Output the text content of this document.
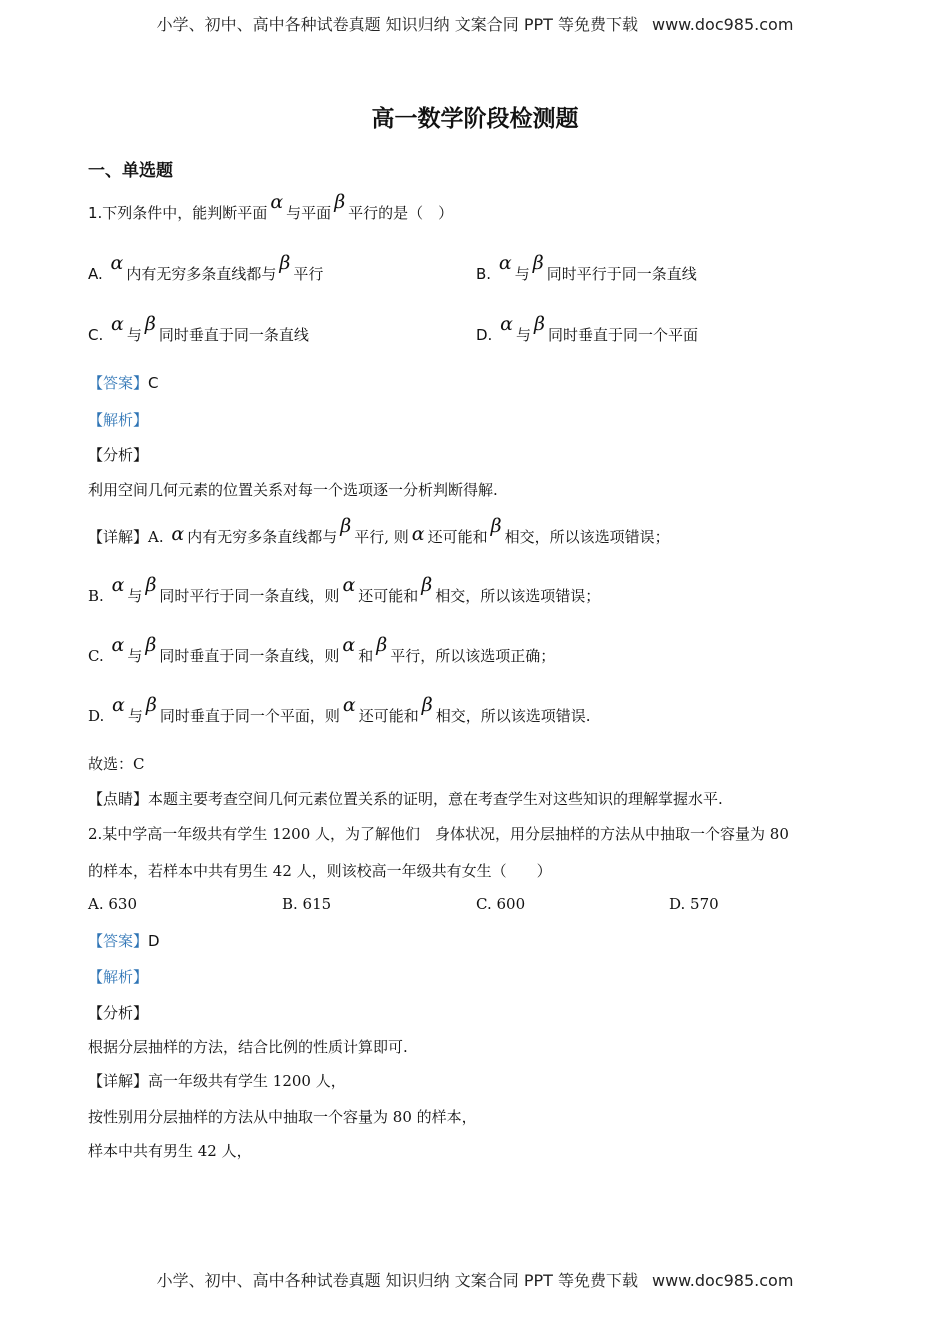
小学、初中、高中各种试卷真题 知识归纳 文案合同 PPT 等免费下载 www.doc985.com
高一数学阶段检测题
一、单选题
1.下列条件中，能判断平面 α 与平面 β 平行的是（　）
A. α 内有无穷多条直线都与 β 平行	B. α 与 β 同时平行于同一条直线
C. α 与 β 同时垂直于同一条直线	D. α 与 β 同时垂直于同一个平面
【答案】C
【解析】
【分析】
利用空间几何元素的位置关系对每一个选项逐一分析判断得解.
【详解】A. α 内有无穷多条直线都与 β 平行, 则 α 还可能和 β 相交，所以该选项错误；
B. α 与 β 同时平行于同一条直线，则 α 还可能和 β 相交，所以该选项错误；
C. α 与 β 同时垂直于同一条直线，则 α 和 β 平行，所以该选项正确；
D. α 与 β 同时垂直于同一个平面，则 α 还可能和 β 相交，所以该选项错误.
故选：C
【点睛】本题主要考查空间几何元素位置关系的证明，意在考查学生对这些知识的理解掌握水平.
2.某中学高一年级共有学生 1200 人，为了解他们　身体状况，用分层抽样的方法从中抽取一个容量为 80
的样本，若样本中共有男生 42 人，则该校高一年级共有女生（　　）
A. 630	B. 615	C. 600	D. 570
【答案】D
【解析】
【分析】
根据分层抽样的方法，结合比例的性质计算即可.
【详解】高一年级共有学生 1200 人，
按性别用分层抽样的方法从中抽取一个容量为 80 的样本，
样本中共有男生 42 人，
小学、初中、高中各种试卷真题 知识归纳 文案合同 PPT 等免费下载 www.doc985.com
